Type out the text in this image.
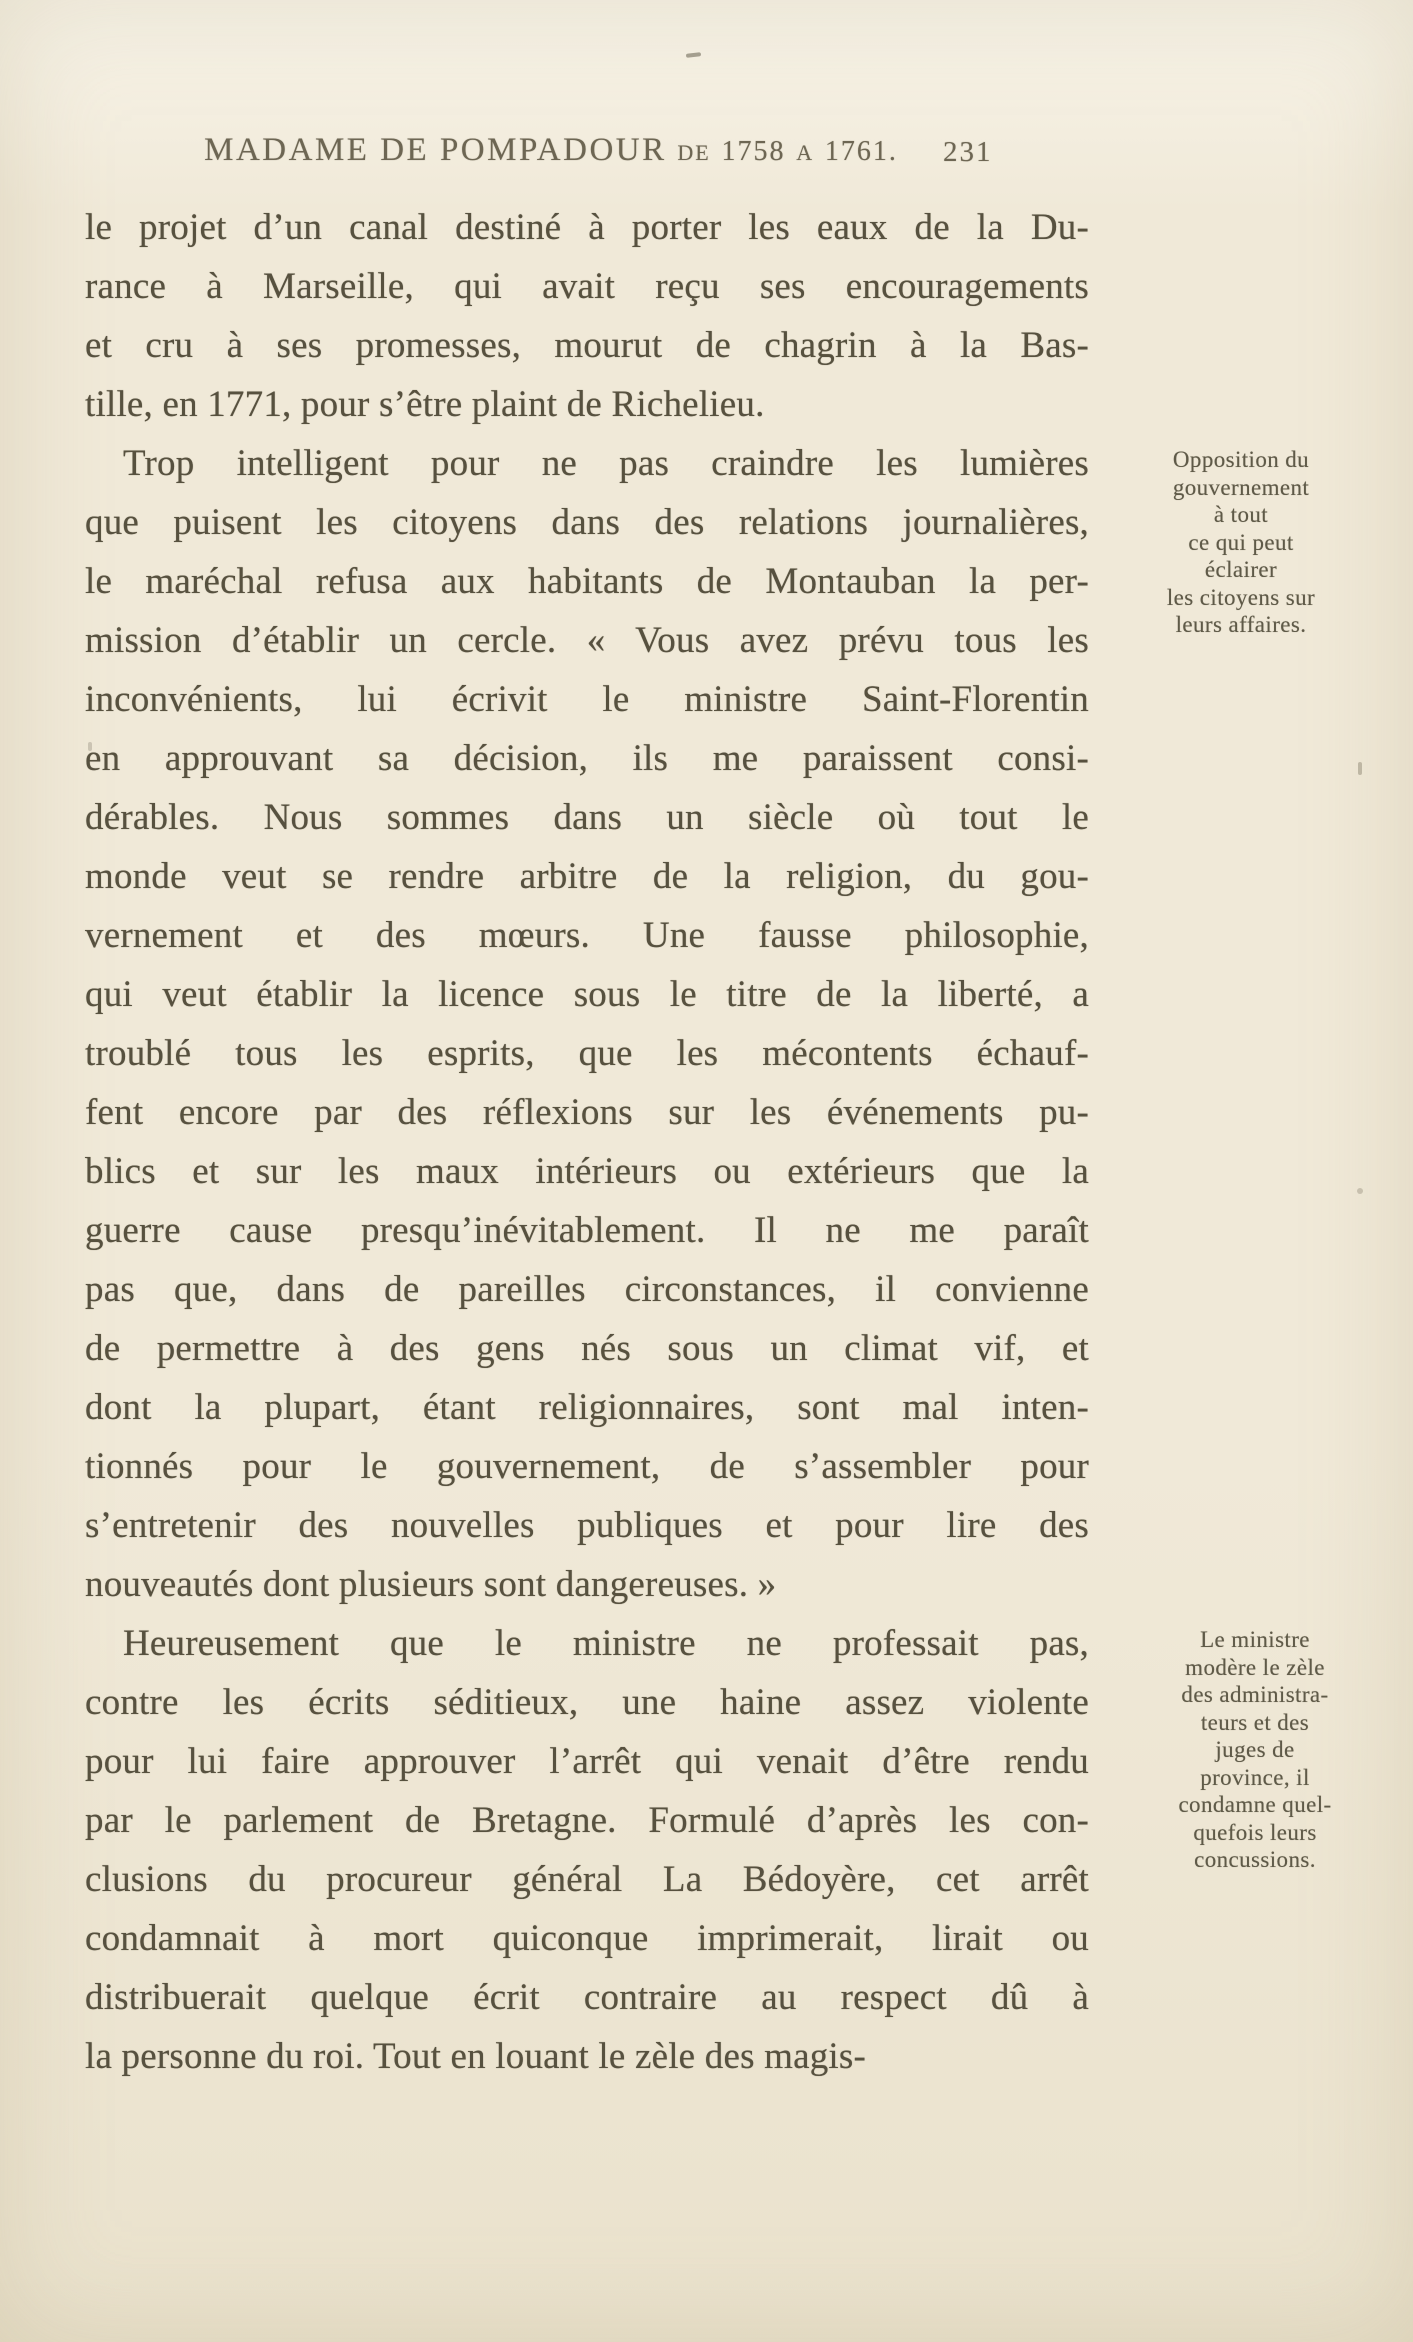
MADAME DE POMPADOUR DE 1758 A 1761. 231
le projet d’un canal destiné à porter les eaux de la Du-
rance à Marseille, qui avait reçu ses encouragements
et cru à ses promesses, mourut de chagrin à la Bas-
tille, en 1771, pour s’être plaint de Richelieu.
Trop intelligent pour ne pas craindre les lumières
que puisent les citoyens dans des relations journalières,
le maréchal refusa aux habitants de Montauban la per-
mission d’établir un cercle. « Vous avez prévu tous les
inconvénients, lui écrivit le ministre Saint-Florentin
en approuvant sa décision, ils me paraissent consi-
dérables. Nous sommes dans un siècle où tout le
monde veut se rendre arbitre de la religion, du gou-
vernement et des mœurs. Une fausse philosophie,
qui veut établir la licence sous le titre de la liberté, a
troublé tous les esprits, que les mécontents échauf-
fent encore par des réflexions sur les événements pu-
blics et sur les maux intérieurs ou extérieurs que la
guerre cause presqu’inévitablement. Il ne me paraît
pas que, dans de pareilles circonstances, il convienne
de permettre à des gens nés sous un climat vif, et
dont la plupart, étant religionnaires, sont mal inten-
tionnés pour le gouvernement, de s’assembler pour
s’entretenir des nouvelles publiques et pour lire des
nouveautés dont plusieurs sont dangereuses. »
Heureusement que le ministre ne professait pas,
contre les écrits séditieux, une haine assez violente
pour lui faire approuver l’arrêt qui venait d’être rendu
par le parlement de Bretagne. Formulé d’après les con-
clusions du procureur général La Bédoyère, cet arrêt
condamnait à mort quiconque imprimerait, lirait ou
distribuerait quelque écrit contraire au respect dû à
la personne du roi. Tout en louant le zèle des magis-
Opposition du
gouvernement
à tout
ce qui peut
éclairer
les citoyens sur
leurs affaires.
Le ministre
modère le zèle
des administra-
teurs et des
juges de
province, il
condamne quel-
quefois leurs
concussions.
